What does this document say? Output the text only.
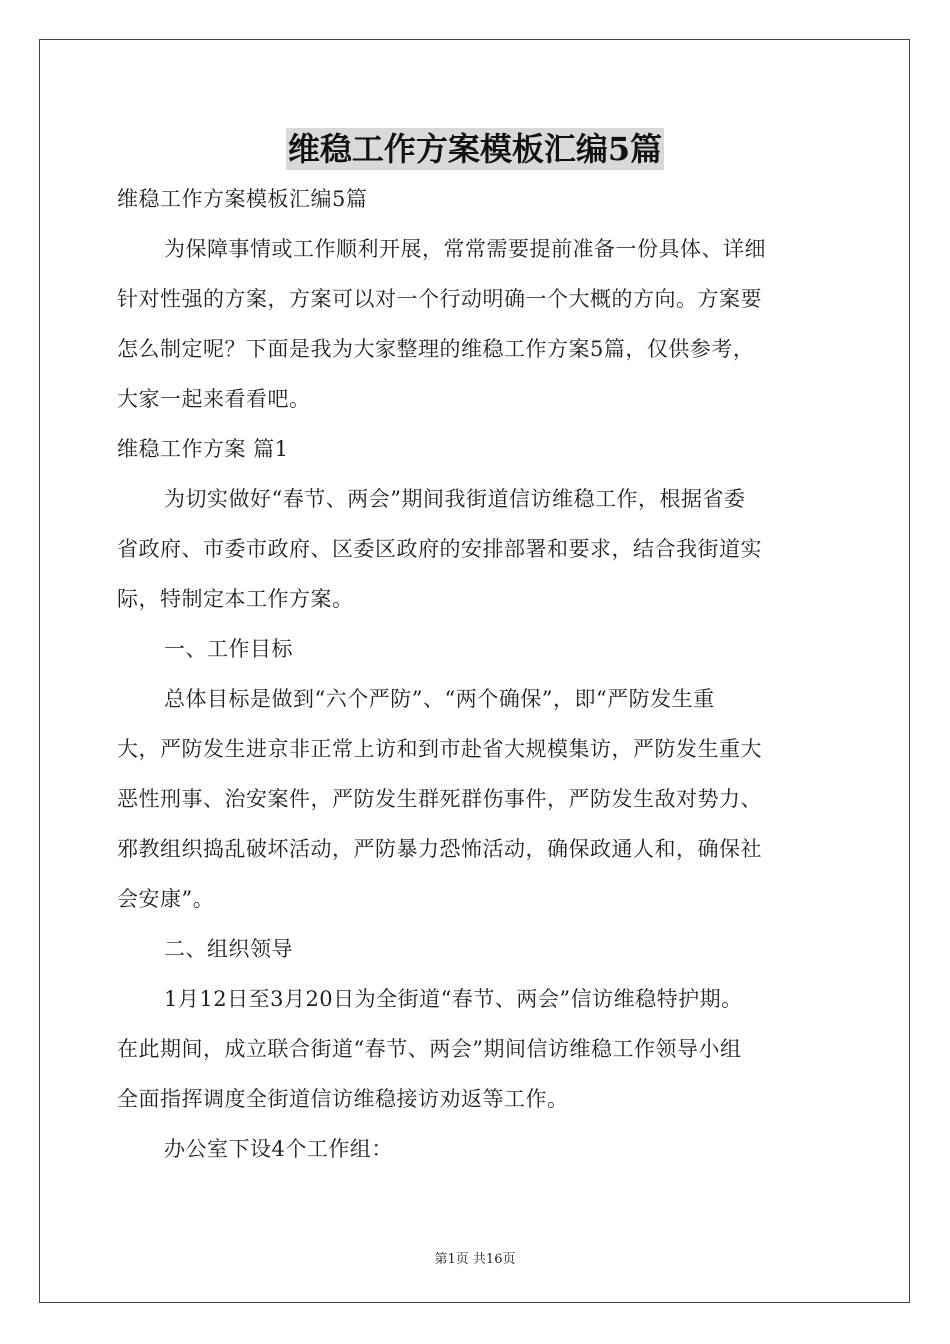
维稳工作方案模板汇编5篇
维稳工作方案模板汇编5篇
为保障事情或工作顺利开展，常常需要提前准备一份具体、详细
针对性强的方案，方案可以对一个行动明确一个大概的方向。方案要
怎么制定呢？下面是我为大家整理的维稳工作方案5篇，仅供参考，
大家一起来看看吧。
维稳工作方案 篇1
为切实做好“春节、两会”期间我街道信访维稳工作，根据省委
省政府、市委市政府、区委区政府的安排部署和要求，结合我街道实
际，特制定本工作方案。
一、工作目标
总体目标是做到“六个严防”、“两个确保”，即“严防发生重
大，严防发生进京非正常上访和到市赴省大规模集访，严防发生重大
恶性刑事、治安案件，严防发生群死群伤事件，严防发生敌对势力、
邪教组织捣乱破坏活动，严防暴力恐怖活动，确保政通人和，确保社
会安康”。
二、组织领导
1月12日至3月20日为全街道“春节、两会”信访维稳特护期。
在此期间，成立联合街道“春节、两会”期间信访维稳工作领导小组
全面指挥调度全街道信访维稳接访劝返等工作。
办公室下设4个工作组：
第1页 共16页
